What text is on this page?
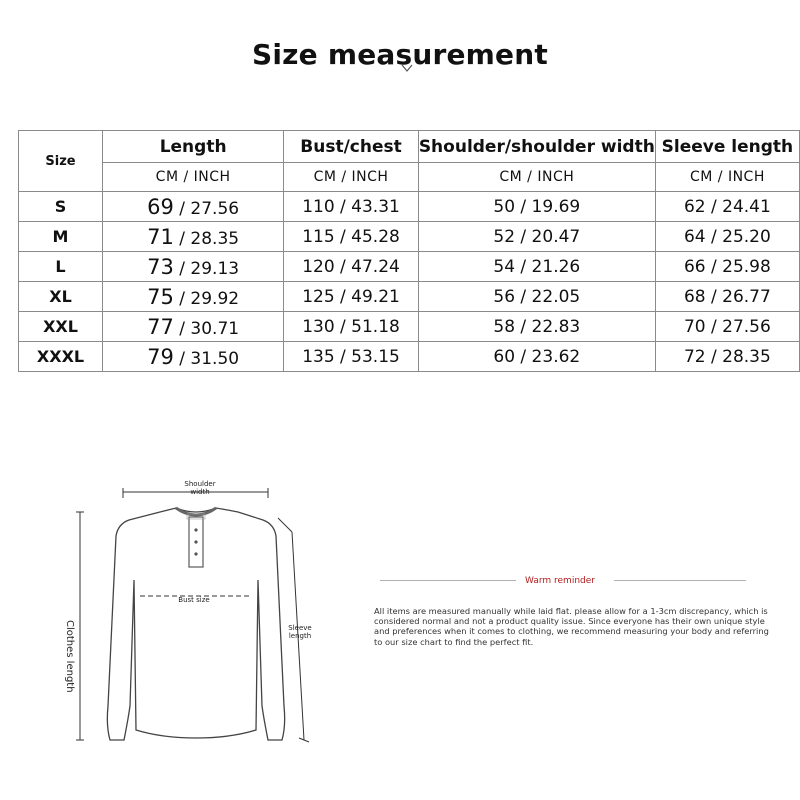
Size measurement
Size	Length	Bust/chest	Shoulder/shoulder width	Sleeve length
	CM / INCH	CM / INCH	CM / INCH	CM / INCH
S	69 / 27.56	110 / 43.31	50 / 19.69	62 / 24.41
M	71 / 28.35	115 / 45.28	52 / 20.47	64 / 25.20
L	73 / 29.13	120 / 47.24	54 / 21.26	66 / 25.98
XL	75 / 29.92	125 / 49.21	56 / 22.05	68 / 26.77
XXL	77 / 30.71	130 / 51.18	58 / 22.83	70 / 27.56
XXXL	79 / 31.50	135 / 53.15	60 / 23.62	72 / 28.35
Shoulder
width
Bust size
Sleeve
length
Clothes length
Warm reminder
All items are measured manually while laid flat. please allow for a 1-3cm discrepancy, which is considered normal and not a product quality issue. Since everyone has their own unique style and preferences when it comes to clothing, we recommend measuring your body and referring to our size chart to find the perfect fit.
